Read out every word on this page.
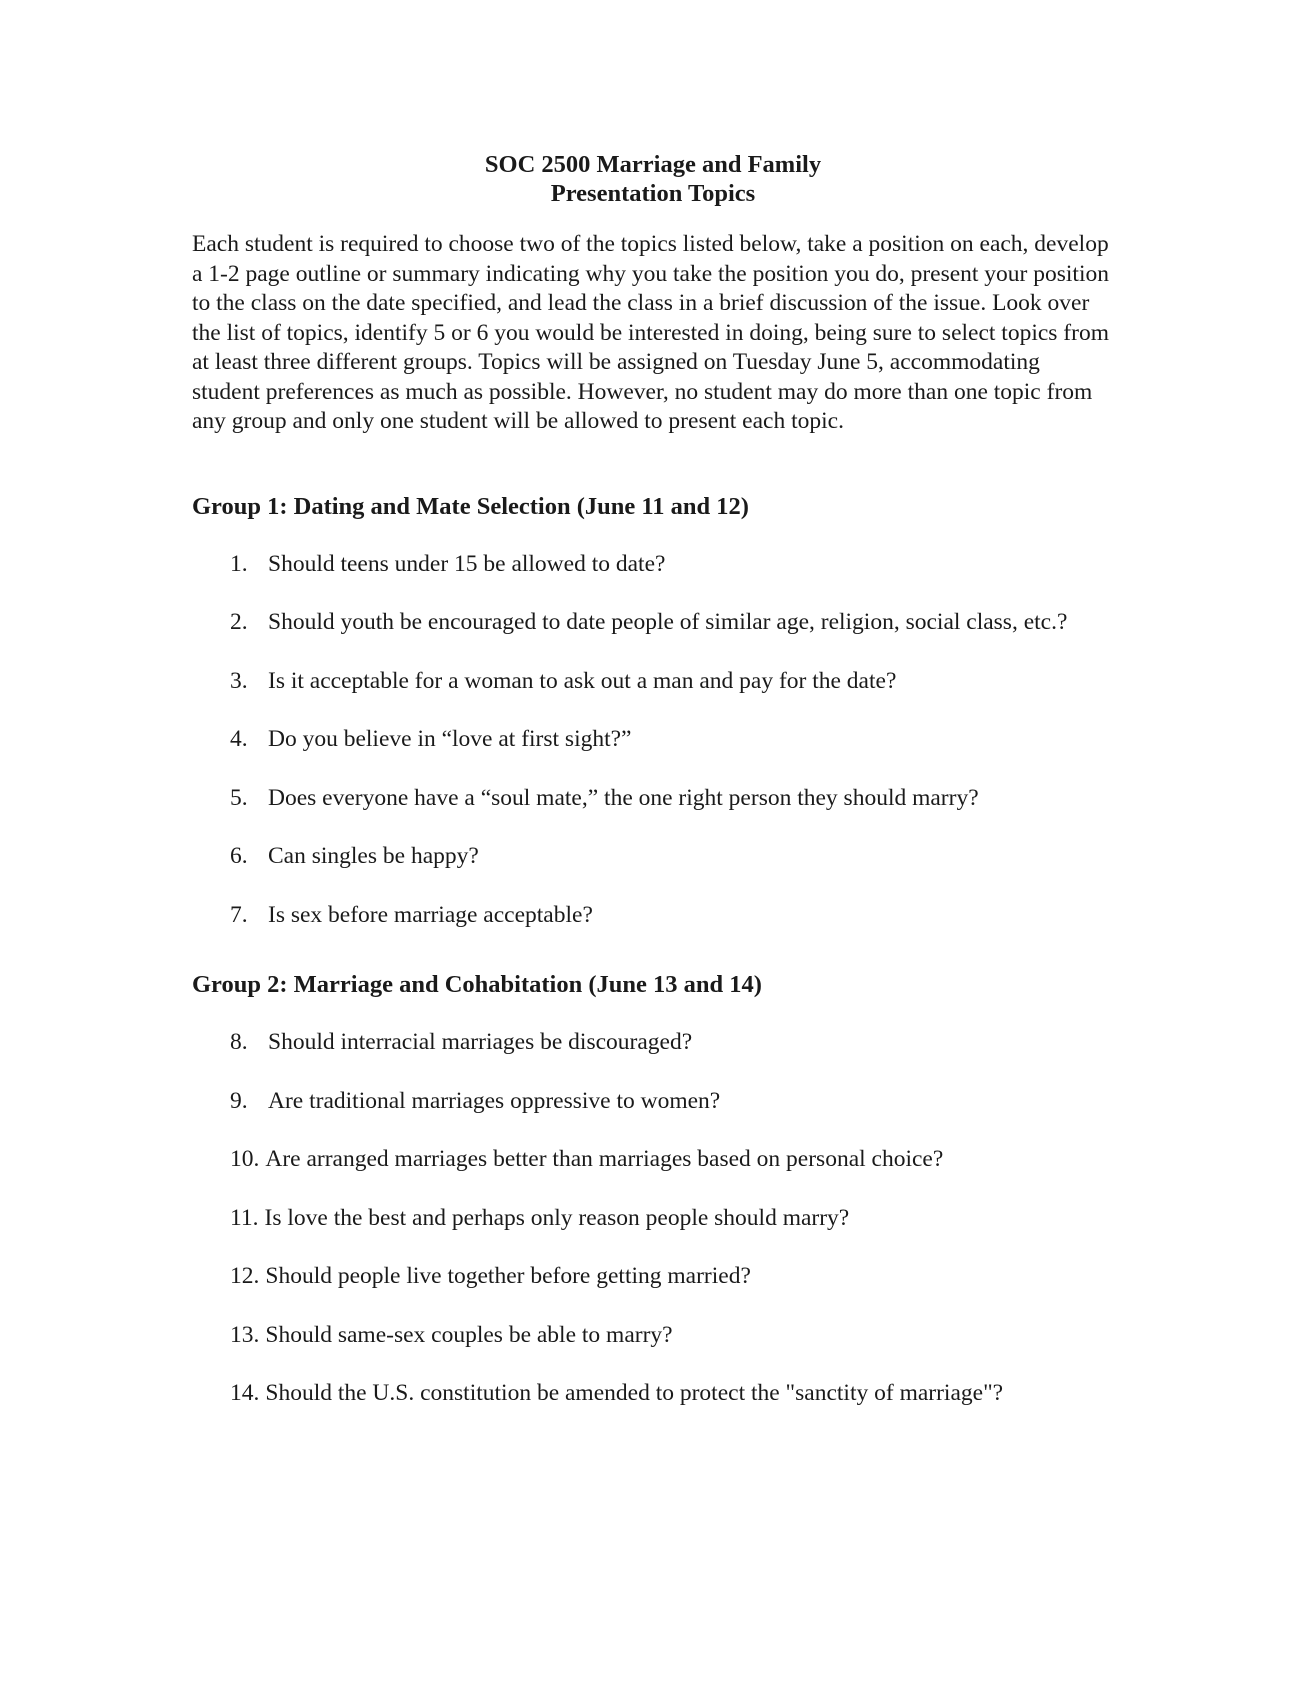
SOC 2500 Marriage and Family
Presentation Topics

Each student is required to choose two of the topics listed below, take a position on each, develop a 1-2 page outline or summary indicating why you take the position you do, present your position to the class on the date specified, and lead the class in a brief discussion of the issue. Look over the list of topics, identify 5 or 6 you would be interested in doing, being sure to select topics from at least three different groups. Topics will be assigned on Tuesday June 5, accommodating student preferences as much as possible. However, no student may do more than one topic from any group and only one student will be allowed to present each topic.

Group 1: Dating and Mate Selection (June 11 and 12)
1. Should teens under 15 be allowed to date?
2. Should youth be encouraged to date people of similar age, religion, social class, etc.?
3. Is it acceptable for a woman to ask out a man and pay for the date?
4. Do you believe in “love at first sight?”
5. Does everyone have a “soul mate,” the one right person they should marry?
6. Can singles be happy?
7. Is sex before marriage acceptable?
Group 2: Marriage and Cohabitation (June 13 and 14)
8. Should interracial marriages be discouraged?
9. Are traditional marriages oppressive to women?
10. Are arranged marriages better than marriages based on personal choice?
11. Is love the best and perhaps only reason people should marry?
12. Should people live together before getting married?
13. Should same-sex couples be able to marry?
14. Should the U.S. constitution be amended to protect the "sanctity of marriage"?
